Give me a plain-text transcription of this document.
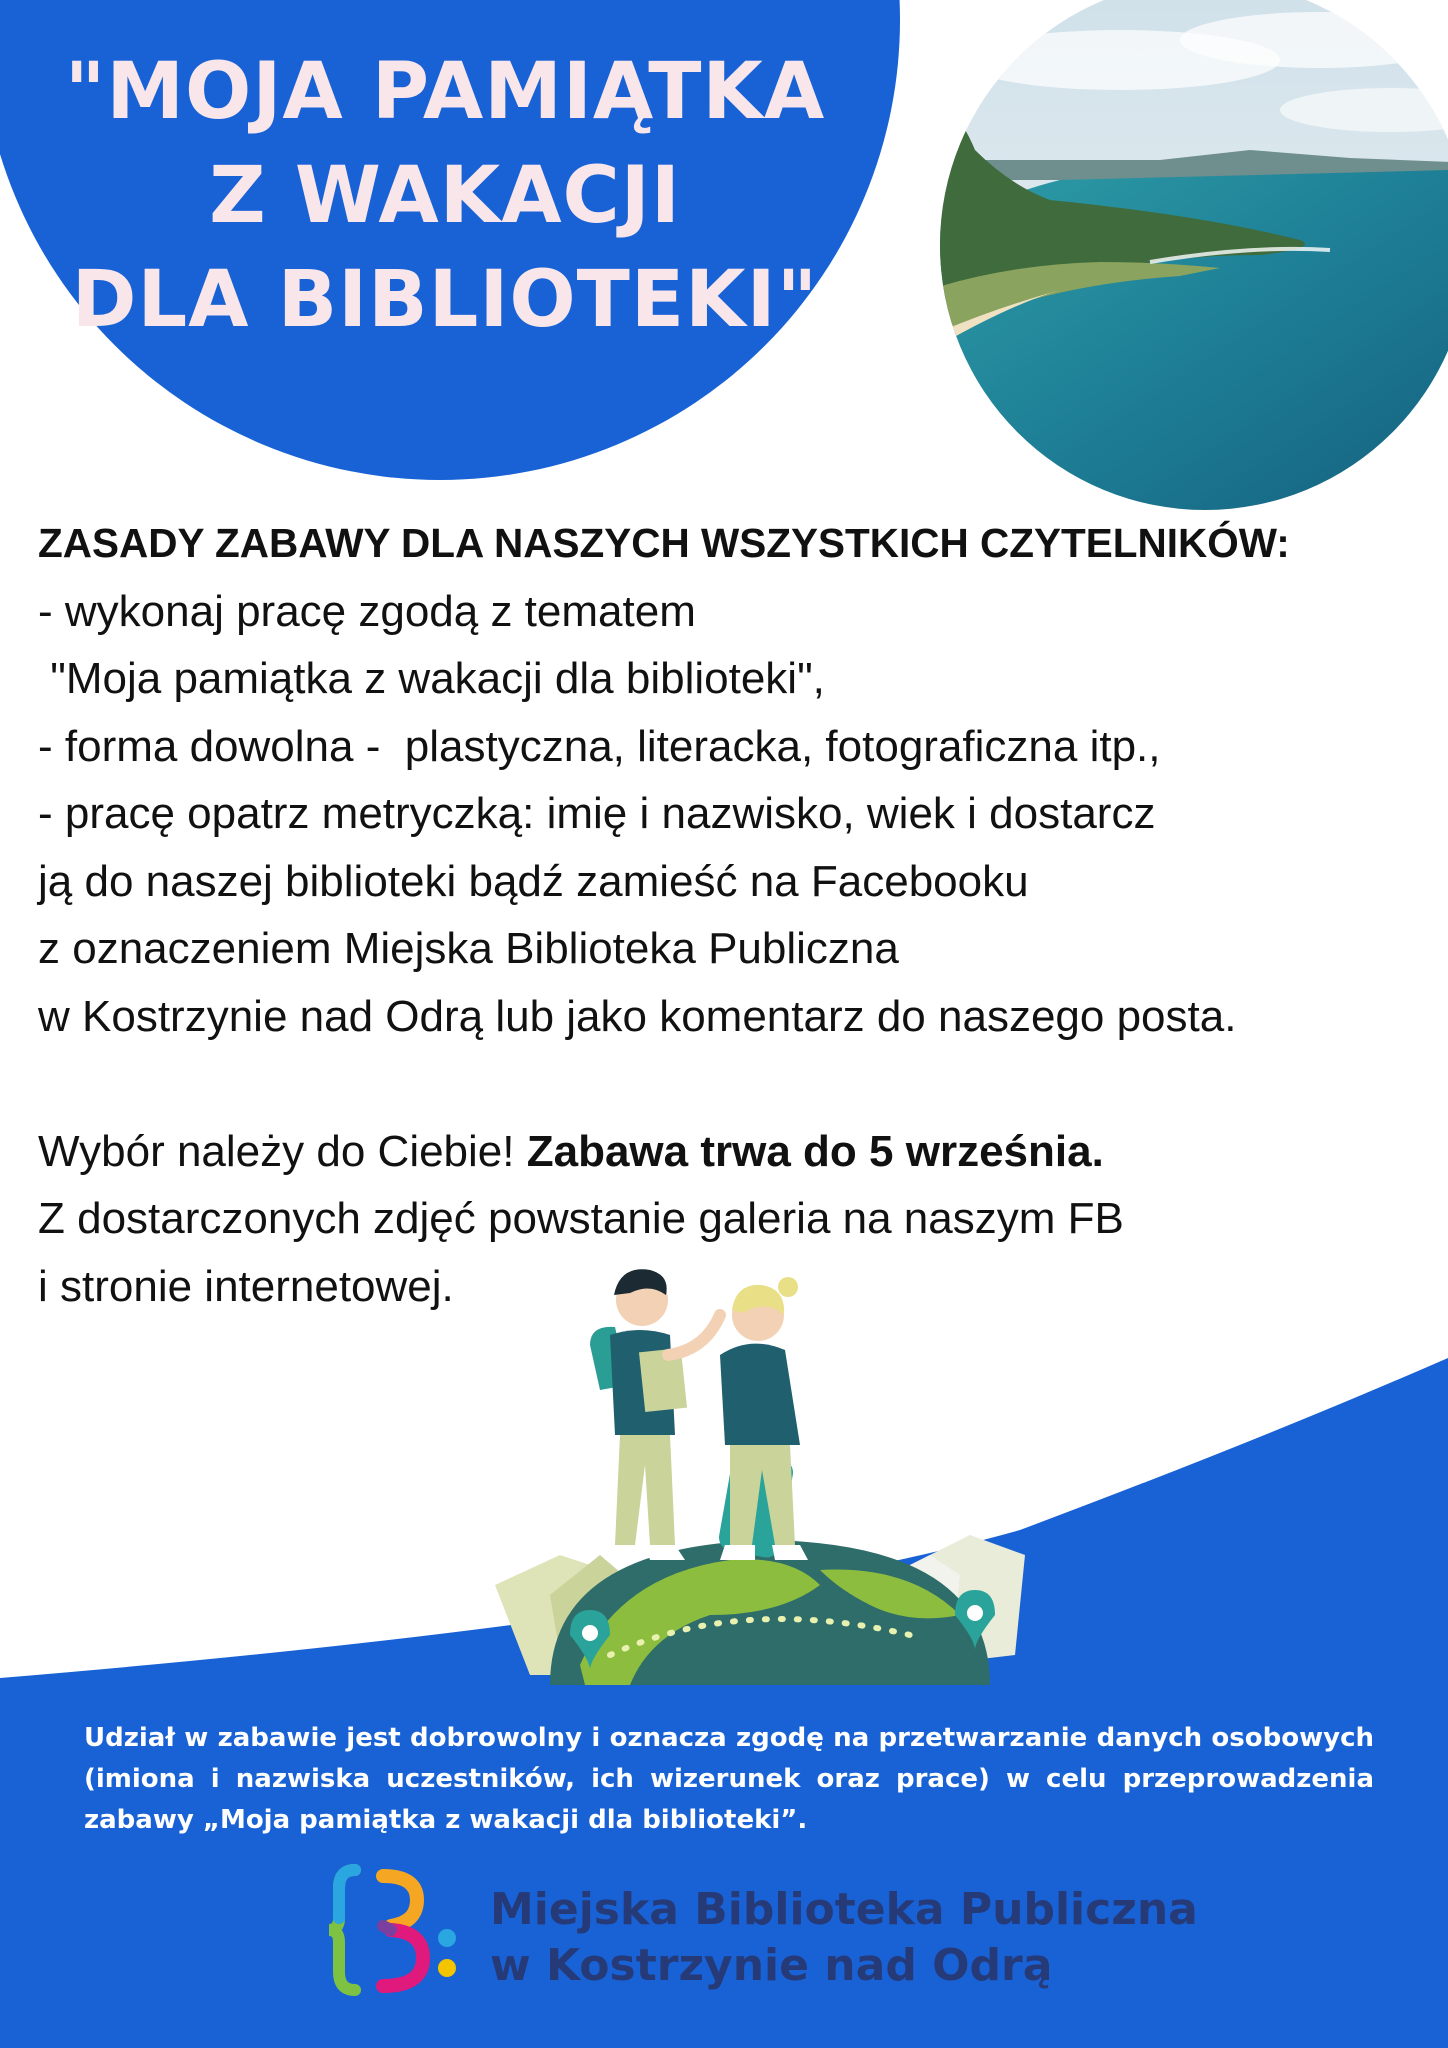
"MOJA PAMIĄTKA
Z WAKACJI
DLA BIBLIOTEKI"
ZASADY ZABAWY DLA NASZYCH WSZYSTKICH CZYTELNIKÓW:
- wykonaj pracę zgodą z tematem
"Moja pamiątka z wakacji dla biblioteki",
- forma dowolna -  plastyczna, literacka, fotograficzna itp.,
- pracę opatrz metryczką: imię i nazwisko, wiek i dostarcz
ją do naszej biblioteki bądź zamieść na Facebooku
z oznaczeniem Miejska Biblioteka Publiczna
w Kostrzynie nad Odrą lub jako komentarz do naszego posta.
Wybór należy do Ciebie! Zabawa trwa do 5 września.
Z dostarczonych zdjęć powstanie galeria na naszym FB
i stronie internetowej.
Udział w zabawie jest dobrowolny i oznacza zgodę na przetwarzanie danych osobowych (imiona i nazwiska uczestników, ich wizerunek oraz prace) w celu przeprowadzenia zabawy „Moja pamiątka z wakacji dla biblioteki”.
Miejska Biblioteka Publiczna
w Kostrzynie nad Odrą
